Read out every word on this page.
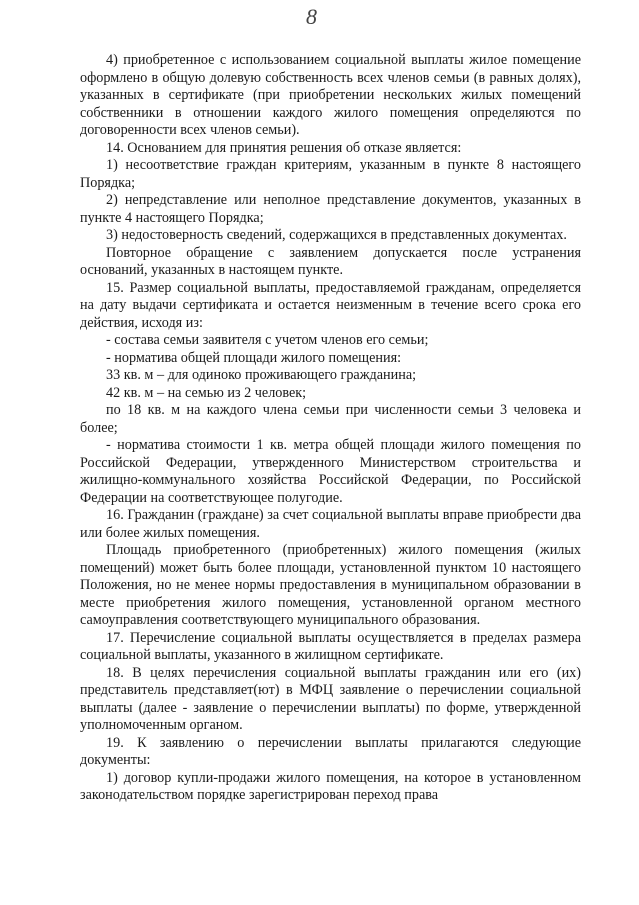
8

4) приобретенное с использованием социальной выплаты жилое помещение оформлено в общую долевую собственность всех членов семьи (в равных долях), указанных в сертификате (при приобретении нескольких жилых помещений собственники в отношении каждого жилого помещения определяются по договоренности всех членов семьи).

14. Основанием для принятия решения об отказе является:

1) несоответствие граждан критериям, указанным в пункте 8 настоящего Порядка;

2) непредставление или неполное представление документов, указанных в пункте 4 настоящего Порядка;

3) недостоверность сведений, содержащихся в представленных документах.

Повторное обращение с заявлением допускается после устранения оснований, указанных в настоящем пункте.

15. Размер социальной выплаты, предоставляемой гражданам, определяется на дату выдачи сертификата и остается неизменным в течение всего срока его действия, исходя из:

- состава семьи заявителя с учетом членов его семьи;

- норматива общей площади жилого помещения:

33 кв. м – для одиноко проживающего гражданина;

42 кв. м – на семью из 2 человек;

по 18 кв. м на каждого члена семьи при численности семьи 3 человека и более;

- норматива стоимости 1 кв. метра общей площади жилого помещения по Российской Федерации, утвержденного Министерством строительства и жилищно-коммунального хозяйства Российской Федерации, по Российской Федерации на соответствующее полугодие.

16. Гражданин (граждане) за счет социальной выплаты вправе приобрести два или более жилых помещения.

Площадь приобретенного (приобретенных) жилого помещения (жилых помещений) может быть более площади, установленной пунктом 10 настоящего Положения, но не менее нормы предоставления в муниципальном образовании в месте приобретения жилого помещения, установленной органом местного самоуправления соответствующего муниципального образования.

17. Перечисление социальной выплаты осуществляется в пределах размера социальной выплаты, указанного в жилищном сертификате.

18. В целях перечисления социальной выплаты гражданин или его (их) представитель представляет(ют) в МФЦ заявление о перечислении социальной выплаты (далее - заявление о перечислении выплаты) по форме, утвержденной уполномоченным органом.

19. К заявлению о перечислении выплаты прилагаются следующие документы:

1) договор купли-продажи жилого помещения, на которое в установленном законодательством порядке зарегистрирован переход права
